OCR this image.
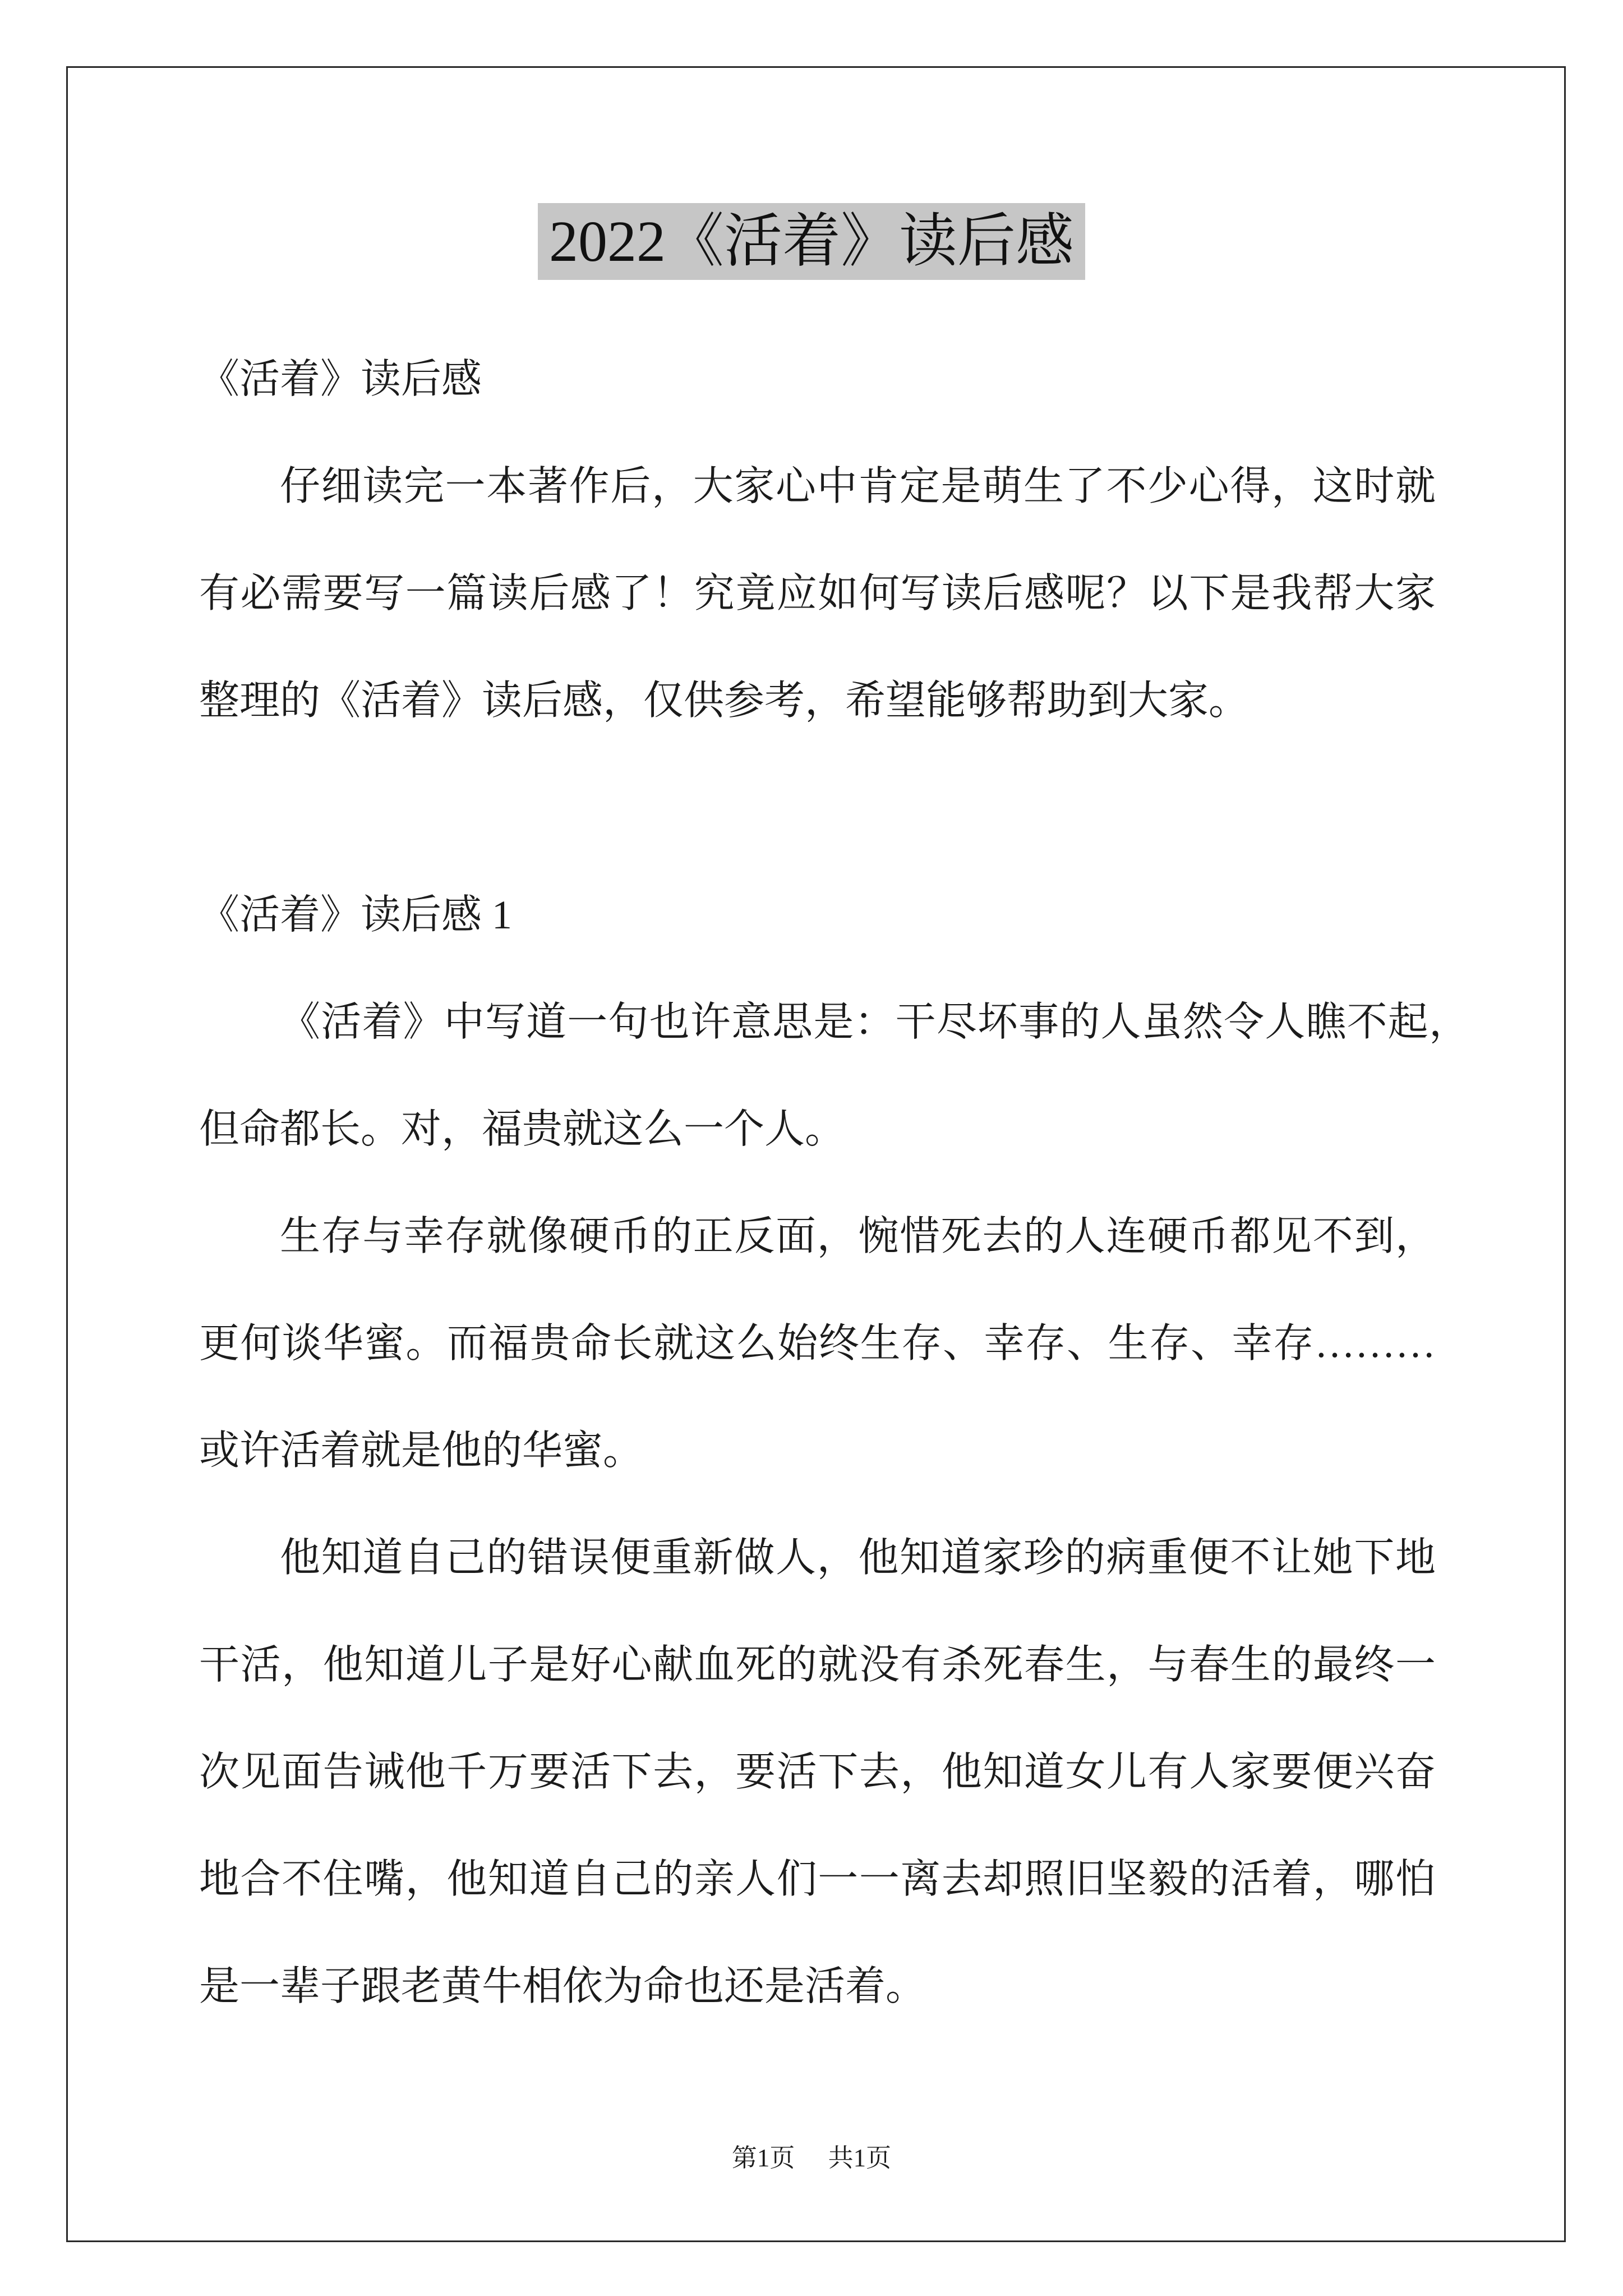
2022《活着》读后感
《活着》读后感
仔细读完一本著作后，大家心中肯定是萌生了不少心得，这时就
有必需要写一篇读后感了！究竟应如何写读后感呢？以下是我帮大家
整理的《活着》读后感，仅供参考，希望能够帮助到大家。
《活着》读后感 1
《活着》中写道一句也许意思是：干尽坏事的人虽然令人瞧不起，
但命都长。对，福贵就这么一个人。
生存与幸存就像硬币的正反面，惋惜死去的人连硬币都见不到，
更何谈华蜜。而福贵命长就这么始终生存、幸存、生存、幸存………
或许活着就是他的华蜜。
他知道自己的错误便重新做人，他知道家珍的病重便不让她下地
干活，他知道儿子是好心献血死的就没有杀死春生，与春生的最终一
次见面告诫他千万要活下去，要活下去，他知道女儿有人家要便兴奋
地合不住嘴，他知道自己的亲人们一一离去却照旧坚毅的活着，哪怕
是一辈子跟老黄牛相依为命也还是活着。
第1页 共1页
